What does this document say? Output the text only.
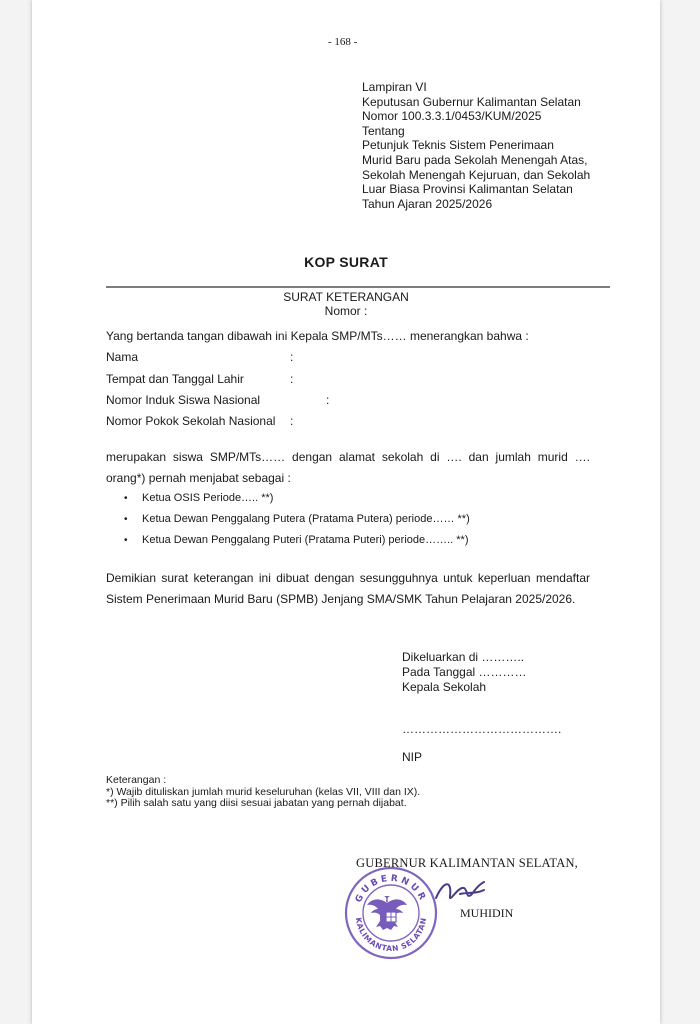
- 168 -
Lampiran VI
Keputusan Gubernur Kalimantan Selatan
Nomor 100.3.3.1/0453/KUM/2025
Tentang
Petunjuk Teknis Sistem Penerimaan
Murid Baru pada Sekolah Menengah Atas,
Sekolah Menengah Kejuruan, dan Sekolah
Luar Biasa Provinsi Kalimantan Selatan
Tahun Ajaran 2025/2026
KOP SURAT
SURAT KETERANGAN
Nomor :
Yang bertanda tangan dibawah ini Kepala SMP/MTs…… menerangkan bahwa :
Nama	:
Tempat dan Tanggal Lahir	:
Nomor Induk Siswa Nasional	:
Nomor Pokok Sekolah Nasional :
merupakan siswa SMP/MTs…… dengan alamat sekolah di …. dan jumlah murid …. orang*) pernah menjabat sebagai :
• Ketua OSIS Periode….. **)
• Ketua Dewan Penggalang Putera (Pratama Putera) periode…… **)
• Ketua Dewan Penggalang Puteri (Pratama Puteri) periode…….. **)
Demikian surat keterangan ini dibuat dengan sesungguhnya untuk keperluan mendaftar Sistem Penerimaan Murid Baru (SPMB) Jenjang SMA/SMK Tahun Pelajaran 2025/2026.
Dikeluarkan di ………..
Pada Tanggal …………
Kepala Sekolah
………………………………….
NIP
Keterangan :
*) Wajib dituliskan jumlah murid keseluruhan (kelas VII, VIII dan IX).
**) Pilih salah satu yang diisi sesuai jabatan yang pernah dijabat.
GUBERNUR KALIMANTAN SELATAN,
MUHIDIN
GUBERNUR
KALIMANTAN SELATAN
